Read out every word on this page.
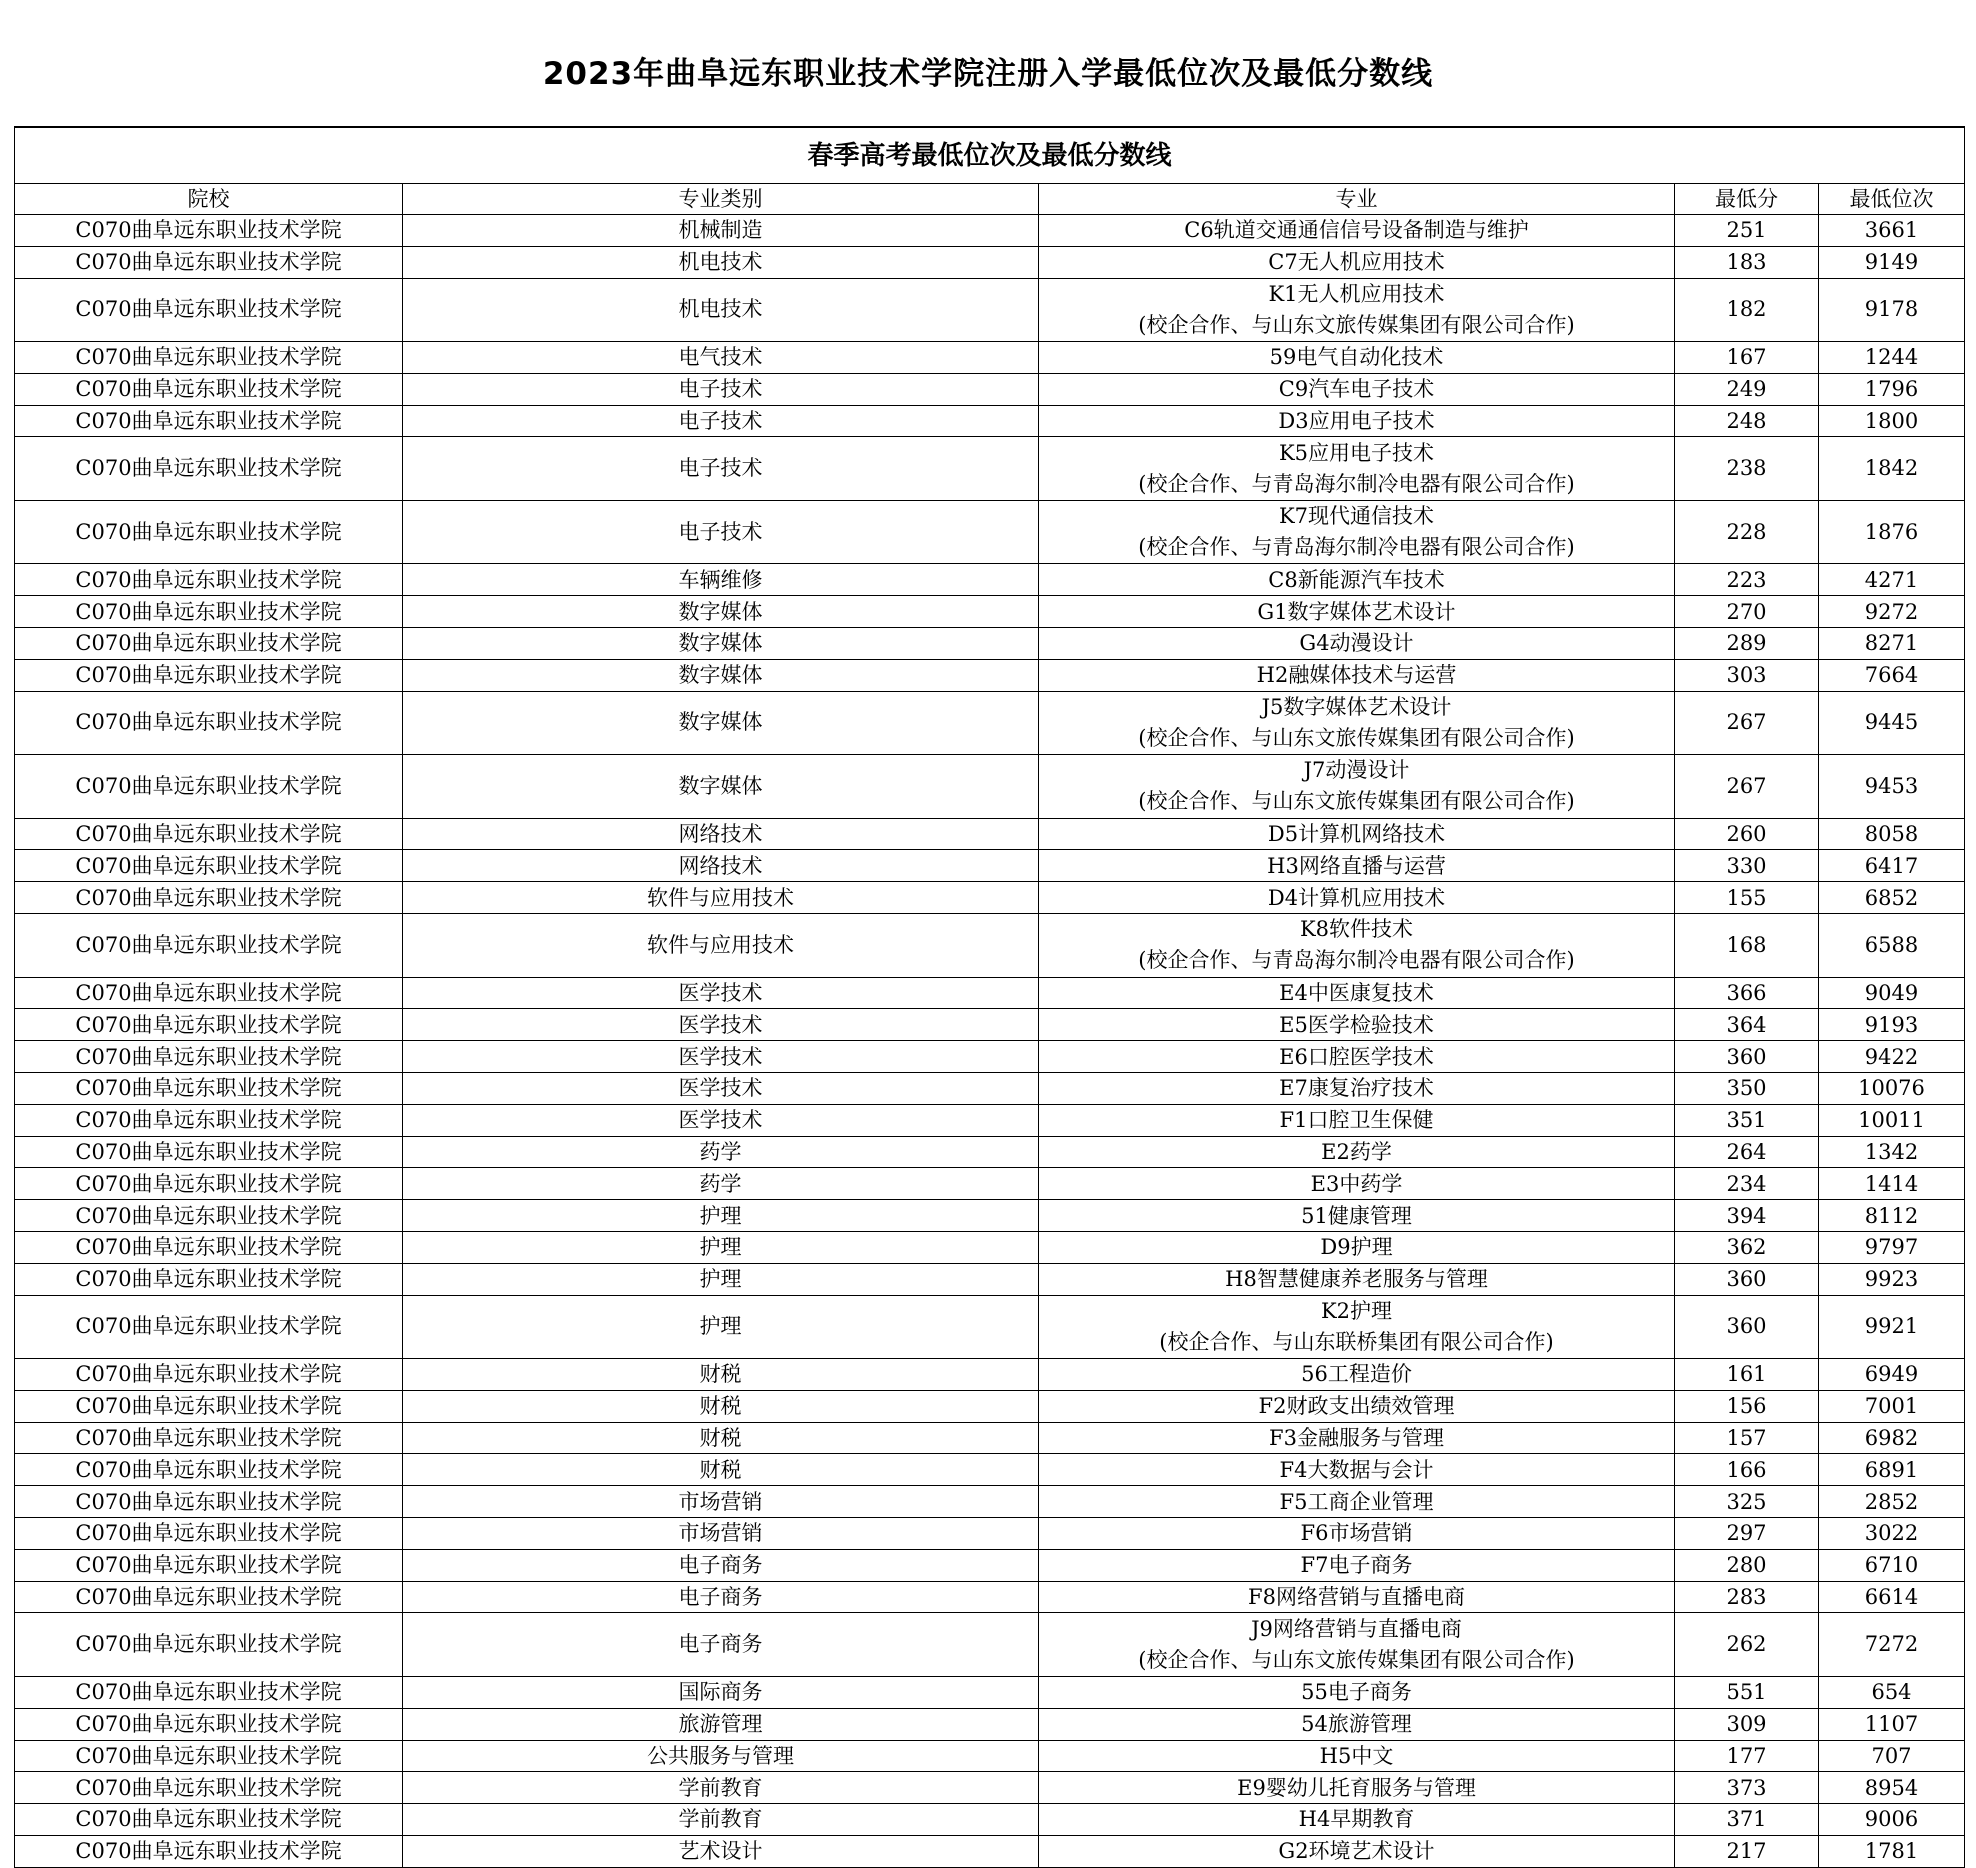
2023年曲阜远东职业技术学院注册入学最低位次及最低分数线
春季高考最低位次及最低分数线				
院校	专业类别	专业	最低分	最低位次
C070曲阜远东职业技术学院	机械制造	C6轨道交通通信信号设备制造与维护	251	3661
C070曲阜远东职业技术学院	机电技术	C7无人机应用技术	183	9149
C070曲阜远东职业技术学院	机电技术	K1无人机应用技术
(校企合作、与山东文旅传媒集团有限公司合作)	182	9178
C070曲阜远东职业技术学院	电气技术	59电气自动化技术	167	1244
C070曲阜远东职业技术学院	电子技术	C9汽车电子技术	249	1796
C070曲阜远东职业技术学院	电子技术	D3应用电子技术	248	1800
C070曲阜远东职业技术学院	电子技术	K5应用电子技术
(校企合作、与青岛海尔制冷电器有限公司合作)	238	1842
C070曲阜远东职业技术学院	电子技术	K7现代通信技术
(校企合作、与青岛海尔制冷电器有限公司合作)	228	1876
C070曲阜远东职业技术学院	车辆维修	C8新能源汽车技术	223	4271
C070曲阜远东职业技术学院	数字媒体	G1数字媒体艺术设计	270	9272
C070曲阜远东职业技术学院	数字媒体	G4动漫设计	289	8271
C070曲阜远东职业技术学院	数字媒体	H2融媒体技术与运营	303	7664
C070曲阜远东职业技术学院	数字媒体	J5数字媒体艺术设计
(校企合作、与山东文旅传媒集团有限公司合作)	267	9445
C070曲阜远东职业技术学院	数字媒体	J7动漫设计
(校企合作、与山东文旅传媒集团有限公司合作)	267	9453
C070曲阜远东职业技术学院	网络技术	D5计算机网络技术	260	8058
C070曲阜远东职业技术学院	网络技术	H3网络直播与运营	330	6417
C070曲阜远东职业技术学院	软件与应用技术	D4计算机应用技术	155	6852
C070曲阜远东职业技术学院	软件与应用技术	K8软件技术
(校企合作、与青岛海尔制冷电器有限公司合作)	168	6588
C070曲阜远东职业技术学院	医学技术	E4中医康复技术	366	9049
C070曲阜远东职业技术学院	医学技术	E5医学检验技术	364	9193
C070曲阜远东职业技术学院	医学技术	E6口腔医学技术	360	9422
C070曲阜远东职业技术学院	医学技术	E7康复治疗技术	350	10076
C070曲阜远东职业技术学院	医学技术	F1口腔卫生保健	351	10011
C070曲阜远东职业技术学院	药学	E2药学	264	1342
C070曲阜远东职业技术学院	药学	E3中药学	234	1414
C070曲阜远东职业技术学院	护理	51健康管理	394	8112
C070曲阜远东职业技术学院	护理	D9护理	362	9797
C070曲阜远东职业技术学院	护理	H8智慧健康养老服务与管理	360	9923
C070曲阜远东职业技术学院	护理	K2护理
(校企合作、与山东联桥集团有限公司合作)	360	9921
C070曲阜远东职业技术学院	财税	56工程造价	161	6949
C070曲阜远东职业技术学院	财税	F2财政支出绩效管理	156	7001
C070曲阜远东职业技术学院	财税	F3金融服务与管理	157	6982
C070曲阜远东职业技术学院	财税	F4大数据与会计	166	6891
C070曲阜远东职业技术学院	市场营销	F5工商企业管理	325	2852
C070曲阜远东职业技术学院	市场营销	F6市场营销	297	3022
C070曲阜远东职业技术学院	电子商务	F7电子商务	280	6710
C070曲阜远东职业技术学院	电子商务	F8网络营销与直播电商	283	6614
C070曲阜远东职业技术学院	电子商务	J9网络营销与直播电商
(校企合作、与山东文旅传媒集团有限公司合作)	262	7272
C070曲阜远东职业技术学院	国际商务	55电子商务	551	654
C070曲阜远东职业技术学院	旅游管理	54旅游管理	309	1107
C070曲阜远东职业技术学院	公共服务与管理	H5中文	177	707
C070曲阜远东职业技术学院	学前教育	E9婴幼儿托育服务与管理	373	8954
C070曲阜远东职业技术学院	学前教育	H4早期教育	371	9006
C070曲阜远东职业技术学院	艺术设计	G2环境艺术设计	217	1781
